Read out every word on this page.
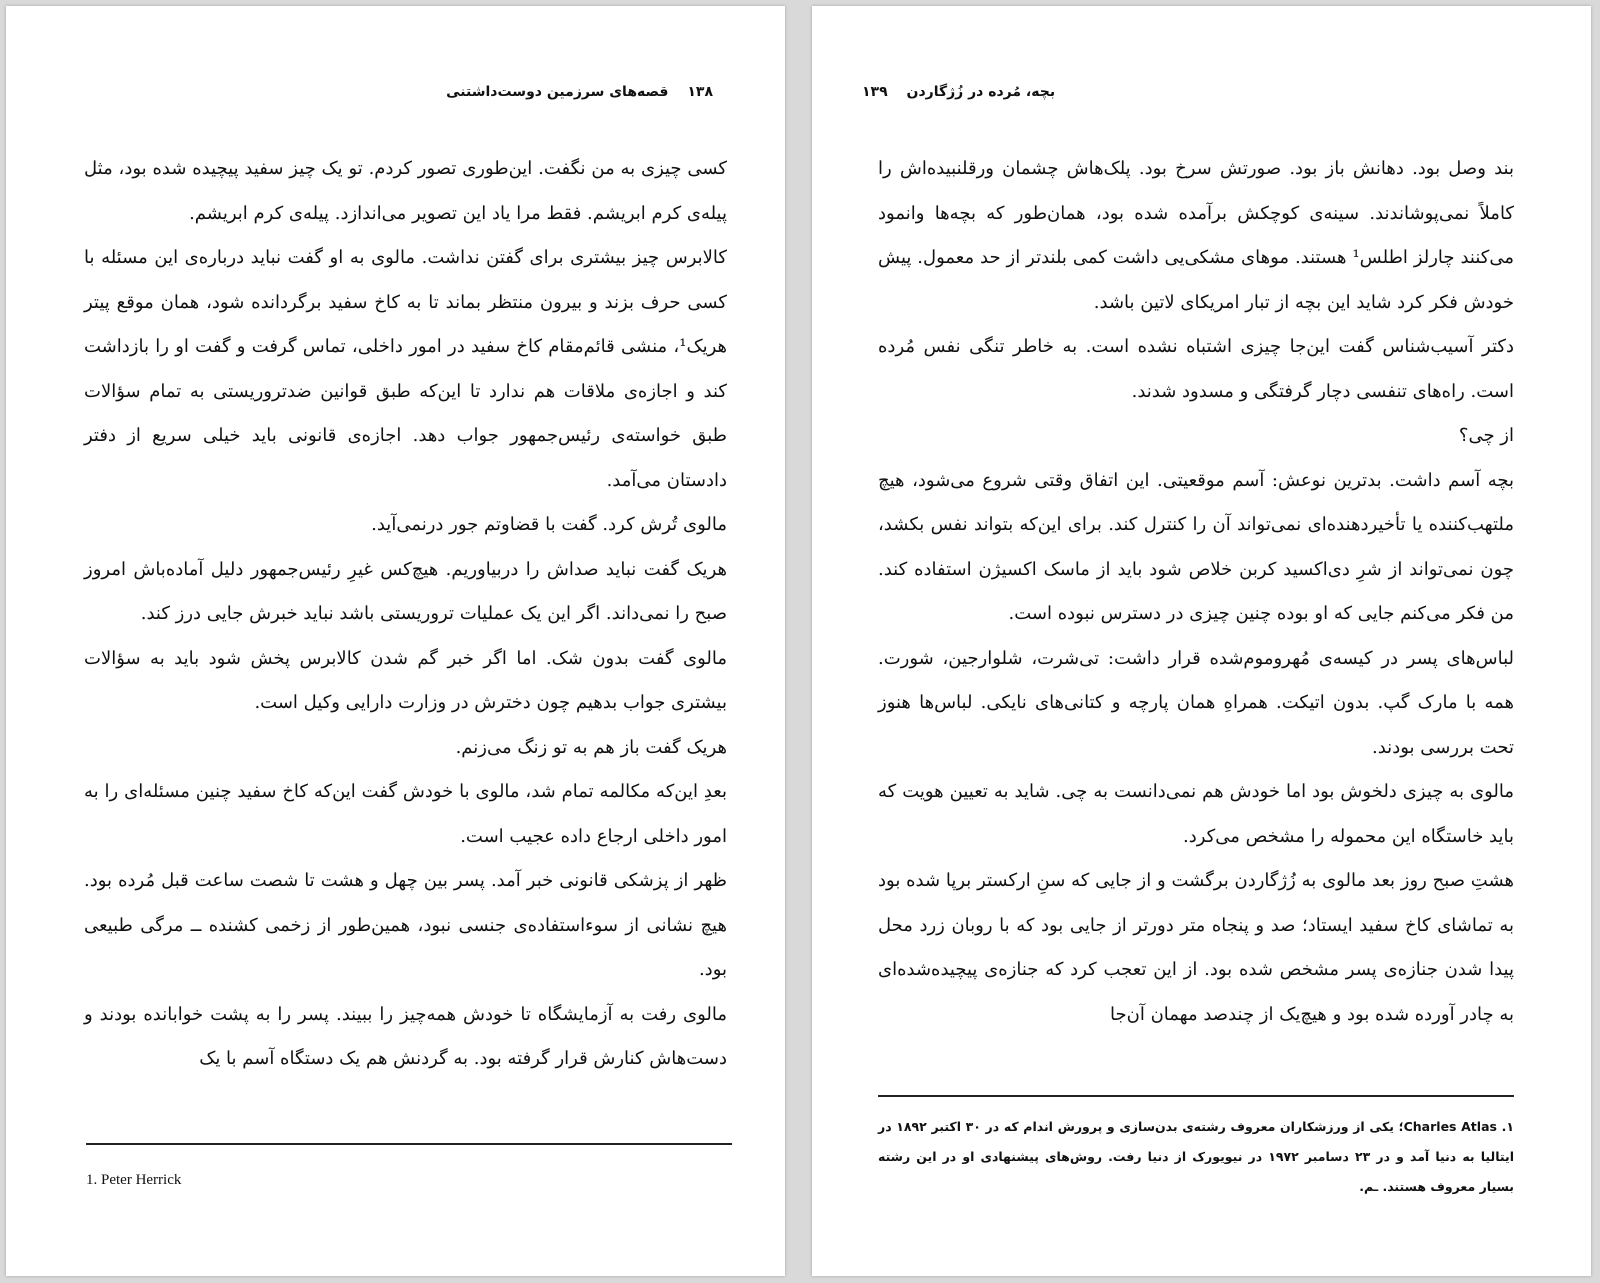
۱۳۸ قصه‌های سرزمین دوست‌داشتنی

کسی چیزی به من نگفت. این‌طوری تصور کردم. تو یک چیز سفید پیچیده شده بود، مثل پیله‌ی کرم ابریشم. فقط مرا یاد این تصویر می‌اندازد. پیله‌ی کرم ابریشم.

کالابرس چیز بیشتری برای گفتن نداشت. مالوی به او گفت نباید درباره‌ی این مسئله با کسی حرف بزند و بیرون منتظر بماند تا به کاخ سفید برگردانده شود، همان موقع پیتر هریک¹، منشی قائم‌مقام کاخ سفید در امور داخلی، تماس گرفت و گفت او را بازداشت کند و اجازه‌ی ملاقات هم ندارد تا این‌که طبق قوانین ضدتروریستی به تمام سؤالات طبق خواسته‌ی رئیس‌جمهور جواب دهد. اجازه‌ی قانونی باید خیلی سریع از دفتر دادستان می‌آمد.

مالوی تُرش کرد. گفت با قضاوتم جور درنمی‌آید.

هریک گفت نباید صداش را دربیاوریم. هیچ‌کس غیرِ رئیس‌جمهور دلیل آماده‌باش امروز صبح را نمی‌داند. اگر این یک عملیات تروریستی باشد نباید خبرش جایی درز کند.

مالوی گفت بدون شک. اما اگر خبر گم شدن کالابرس پخش شود باید به سؤالات بیشتری جواب بدهیم چون دخترش در وزارت دارایی وکیل است.

هریک گفت باز هم به تو زنگ می‌زنم.

بعدِ این‌که مکالمه تمام شد، مالوی با خودش گفت این‌که کاخ سفید چنین مسئله‌ای را به امور داخلی ارجاع داده عجیب است.

ظهر از پزشکی قانونی خبر آمد. پسر بین چهل و هشت تا شصت ساعت قبل مُرده بود. هیچ نشانی از سوءاستفاده‌ی جنسی نبود، همین‌طور از زخمی کشنده ــ مرگی طبیعی بود.

مالوی رفت به آزمایشگاه تا خودش همه‌چیز را ببیند. پسر را به پشت خوابانده بودند و دست‌هاش کنارش قرار گرفته بود. به گردنش هم یک دستگاه آسم با یک

1. Peter Herrick
بچه، مُرده در زُژگاردن ۱۳۹

بند وصل بود. دهانش باز بود. صورتش سرخ بود. پلک‌هاش چشمان ورقلنبیده‌اش را کاملاً نمی‌پوشاندند. سینه‌ی کوچکش برآمده شده بود، همان‌طور که بچه‌ها وانمود می‌کنند چارلز اطلس¹ هستند. موهای مشکی‌یی داشت کمی بلندتر از حد معمول. پیش خودش فکر کرد شاید این بچه از تبار امریکای لاتین باشد.

دکتر آسیب‌شناس گفت این‌جا چیزی اشتباه نشده است. به خاطر تنگی نفس مُرده است. راه‌های تنفسی دچار گرفتگی و مسدود شدند.

از چی؟

بچه آسم داشت. بدترین نوعش: آسم موقعیتی. این اتفاق وقتی شروع می‌شود، هیچ ملتهب‌کننده یا تأخیردهنده‌ای نمی‌تواند آن را کنترل کند. برای این‌که بتواند نفس بکشد، چون نمی‌تواند از شرِ دی‌اکسید کربن خلاص شود باید از ماسک اکسیژن استفاده کند. من فکر می‌کنم جایی که او بوده چنین چیزی در دسترس نبوده است.

لباس‌های پسر در کیسه‌ی مُهروموم‌شده قرار داشت: تی‌شرت، شلوارجین، شورت. همه با مارک گپ. بدون اتیکت. همراهِ همان پارچه و کتانی‌های نایکی. لباس‌ها هنوز تحت بررسی بودند.

مالوی به چیزی دلخوش بود اما خودش هم نمی‌دانست به چی. شاید به تعیین هویت که باید خاستگاه این محموله را مشخص می‌کرد.

هشتِ صبح روز بعد مالوی به زُژگاردن برگشت و از جایی که سنِ ارکستر برپا شده بود به تماشای کاخ سفید ایستاد؛ صد و پنجاه متر دورتر از جایی بود که با روبان زرد محل پیدا شدن جنازه‌ی پسر مشخص شده بود. از این تعجب کرد که جنازه‌ی پیچیده‌شده‌ای به چادر آورده شده بود و هیچ‌یک از چندصد مهمان آن‌جا

۱. Charles Atlas؛ یکی از ورزشکاران معروف رشته‌ی بدن‌سازی و پرورش اندام که در ۳۰ اکتبر ۱۸۹۲ در ایتالیا به دنیا آمد و در ۲۳ دسامبر ۱۹۷۲ در نیویورک از دنیا رفت. روش‌های پیشنهادی او در این رشته بسیار معروف هستند. ـم.
